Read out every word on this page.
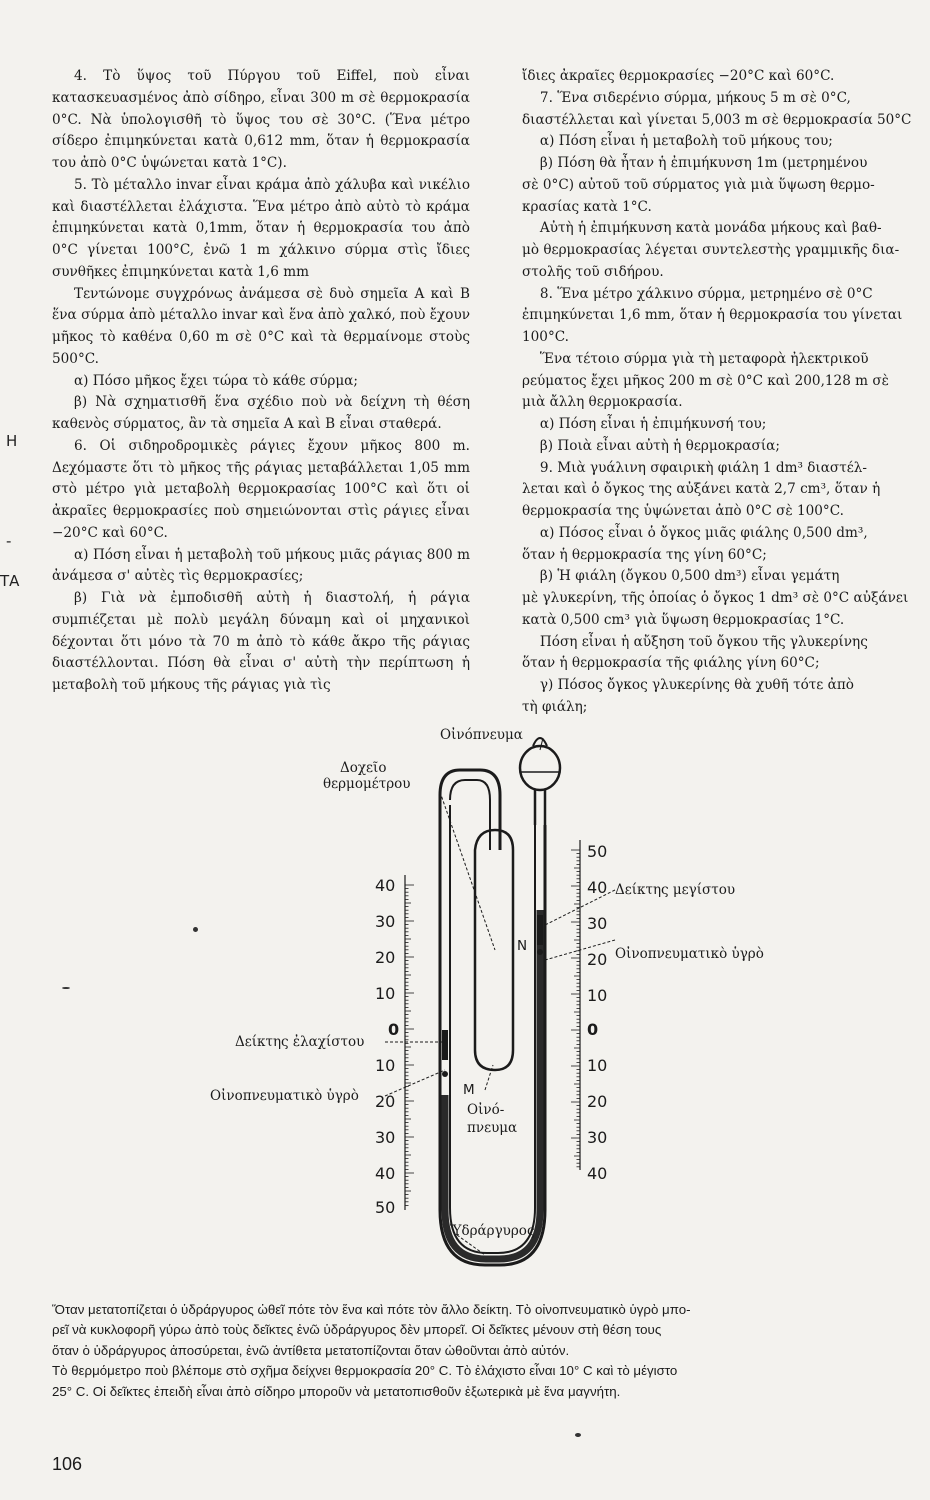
4. Τὸ ὕψος τοῦ Πύργου τοῦ Eiffel, ποὺ εἶναι κατασκευασμένος ἀπὸ σίδηρο, εἶναι 300 m σὲ θερμοκρασία 0°C. Νὰ ὑπολογισθῆ τὸ ὕψος του σὲ 30°C. (Ἕνα μέτρο σίδερο ἐπιμηκύνεται κατὰ 0,612 mm, ὅταν ἡ θερμοκρασία του ἀπὸ 0°C ὑψώνεται κατὰ 1°C).

5. Τὸ μέταλλο invar εἶναι κράμα ἀπὸ χάλυβα καὶ νικέλιο καὶ διαστέλλεται ἐλάχιστα. Ἕνα μέτρο ἀπὸ αὐτὸ τὸ κράμα ἐπιμηκύνεται κατὰ 0,1mm, ὅταν ἡ θερμοκρασία του ἀπὸ 0°C γίνεται 100°C, ἐνῶ 1 m χάλκινο σύρμα στὶς ἴδιες συνθῆκες ἐπιμηκύνεται κατὰ 1,6 mm

Τεντώνομε συγχρόνως ἀνάμεσα σὲ δυὸ σημεῖα Α καὶ Β ἕνα σύρμα ἀπὸ μέταλλο invar καὶ ἕνα ἀπὸ χαλκό, ποὺ ἔχουν μῆκος τὸ καθένα 0,60 m σὲ 0°C καὶ τὰ θερμαίνομε στοὺς 500°C.

α) Πόσο μῆκος ἔχει τώρα τὸ κάθε σύρμα;

β) Νὰ σχηματισθῆ ἕνα σχέδιο ποὺ νὰ δείχνη τὴ θέση καθενὸς σύρματος, ἂν τὰ σημεῖα Α καὶ Β εἶναι σταθερά.

6. Οἱ σιδηροδρομικὲς ράγιες ἔχουν μῆκος 800 m. Δεχόμαστε ὅτι τὸ μῆκος τῆς ράγιας μεταβάλλεται 1,05 mm στὸ μέτρο γιὰ μεταβολὴ θερμοκρασίας 100°C καὶ ὅτι οἱ ἀκραῖες θερμοκρασίες ποὺ σημειώνονται στὶς ράγιες εἶναι −20°C καὶ 60°C.

α) Πόση εἶναι ἡ μεταβολὴ τοῦ μήκους μιᾶς ράγιας 800 m ἀνάμεσα σ' αὐτὲς τὶς θερμοκρασίες;

β) Γιὰ νὰ ἐμποδισθῆ αὐτὴ ἡ διαστολή, ἡ ράγια συμπιέζεται μὲ πολὺ μεγάλη δύναμη καὶ οἱ μηχανικοὶ δέχονται ὅτι μόνο τὰ 70 m ἀπὸ τὸ κάθε ἄκρο τῆς ράγιας διαστέλλονται. Πόση θὰ εἶναι σ' αὐτὴ τὴν περίπτωση ἡ μεταβολὴ τοῦ μήκους τῆς ράγιας γιὰ τὶς

ἴδιες ἀκραῖες θερμοκρασίες −20°C καὶ 60°C.

  7. Ἕνα σιδερένιο σύρμα, μήκους 5 m σὲ 0°C,
διαστέλλεται καὶ γίνεται 5,003 m σὲ θερμοκρασία 50°C

  α) Πόση εἶναι ἡ μεταβολὴ τοῦ μήκους του;

  β) Πόση θὰ ἦταν ἡ ἐπιμήκυνση 1m (μετρημένου
σὲ 0°C) αὐτοῦ τοῦ σύρματος γιὰ μιὰ ὕψωση θερμο-
κρασίας κατὰ 1°C.

  Αὐτὴ ἡ ἐπιμήκυνση κατὰ μονάδα μήκους καὶ βαθ-
μὸ θερμοκρασίας λέγεται συντελεστὴς γραμμικῆς δια-
στολῆς τοῦ σιδήρου.

  8. Ἕνα μέτρο χάλκινο σύρμα, μετρημένο σὲ 0°C
ἐπιμηκύνεται 1,6 mm, ὅταν ἡ θερμοκρασία του γίνεται
100°C.

  Ἕνα τέτοιο σύρμα γιὰ τὴ μεταφορὰ ἠλεκτρικοῦ
ρεύματος ἔχει μῆκος 200 m σὲ 0°C καὶ 200,128 m σὲ
μιὰ ἄλλη θερμοκρασία.

  α) Πόση εἶναι ἡ ἐπιμήκυνσή του;

  β) Ποιὰ εἶναι αὐτὴ ἡ θερμοκρασία;

  9. Μιὰ γυάλινη σφαιρικὴ φιάλη 1 dm³ διαστέλ-
λεται καὶ ὁ ὄγκος της αὐξάνει κατὰ 2,7 cm³, ὅταν ἡ
θερμοκρασία της ὑψώνεται ἀπὸ 0°C σὲ 100°C.

  α) Πόσος εἶναι ὁ ὄγκος μιᾶς φιάλης 0,500 dm³,
ὅταν ἡ θερμοκρασία της γίνη 60°C;

  β) Ἡ φιάλη (ὄγκου 0,500 dm³) εἶναι γεμάτη
μὲ γλυκερίνη, τῆς ὁποίας ὁ ὄγκος 1 dm³ σὲ 0°C αὐξάνει
κατὰ 0,500 cm³ γιὰ ὕψωση θερμοκρασίας 1°C.

  Πόση εἶναι ἡ αὔξηση τοῦ ὄγκου τῆς γλυκερίνης
ὅταν ἡ θερμοκρασία τῆς φιάλης γίνη 60°C;

  γ) Πόσος ὄγκος γλυκερίνης θὰ χυθῆ τότε ἀπὸ
τὴ φιάλη;

Η
-
ΤΑ
Οἰνόπνευμα
Δοχεῖο
θερμομέτρου
Δείκτης μεγίστου
Οἰνοπνευματικὸ ὑγρὸ
Δείκτης ἐλαχίστου
Οἰνοπνευματικὸ ὑγρὸ
Οἰνό-
πνευμα
Ὑδράργυρος
N
M
40
30
20
10
0
10
20
30
40
50
50
40
30
20
10
0
10
20
30
40

Ὅταν μετατοπίζεται ὁ ὑδράργυρος ὠθεῖ πότε τὸν ἕνα καὶ πότε τὸν ἄλλο δείκτη. Τὸ οἰνοπνευματικὸ ὑγρὸ μπο-

ρεῖ νὰ κυκλοφορῆ γύρω ἀπὸ τοὺς δεῖκτες ἐνῶ ὑδράργυρος δὲν μπορεῖ. Οἱ δεῖκτες μένουν στὴ θέση τους

ὅταν ὁ ὑδράργυρος ἀποσύρεται, ἐνῶ ἀντίθετα μετατοπίζονται ὅταν ὠθοῦνται ἀπὸ αὐτόν.

Τὸ θερμόμετρο ποὺ βλέπομε στὸ σχῆμα δείχνει θερμοκρασία 20° C. Τὸ ἐλάχιστο εἶναι 10° C καὶ τὸ μέγιστο

25° C. Οἱ δεῖκτες ἐπειδὴ εἶναι ἀπὸ σίδηρο μποροῦν νὰ μετατοπισθοῦν ἐξωτερικὰ μὲ ἕνα μαγνήτη.

106
